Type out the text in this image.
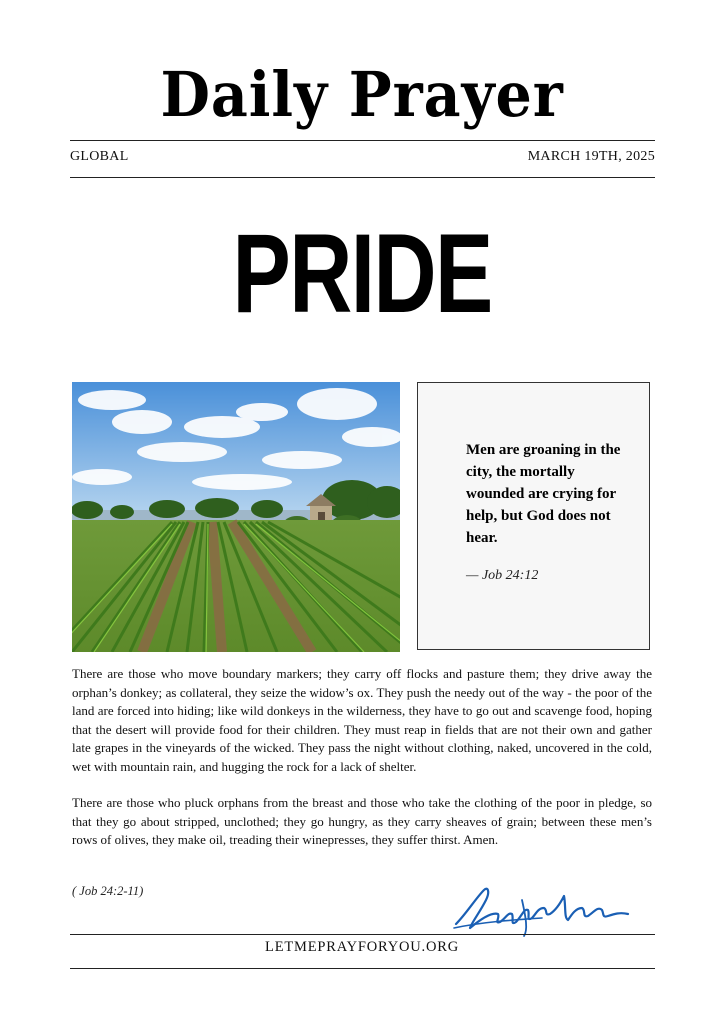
Daily Prayer
GLOBAL	MARCH 19TH, 2025
PRIDE
Men are groaning in the city, the mortally wounded are crying for help, but God does not hear.
— Job 24:12

There are those who move boundary markers; they carry off flocks and pasture them; they drive away the orphan’s donkey; as collateral, they seize the widow’s ox. They push the needy out of the way - the poor of the land are forced into hiding; like wild donkeys in the wilderness, they have to go out and scavenge food, hoping that the desert will provide food for their children. They must reap in fields that are not their own and gather late grapes in the vineyards of the wicked. They pass the night without clothing, naked, uncovered in the cold, wet with mountain rain, and hugging the rock for a lack of shelter.

There are those who pluck orphans from the breast and those who take the clothing of the poor in pledge, so that they go about stripped, unclothed; they go hungry, as they carry sheaves of grain; between these men’s rows of olives, they make oil, treading their winepresses, they suffer thirst. Amen.

( Job 24:2-11)
LETMEPRAYFORYOU.ORG
